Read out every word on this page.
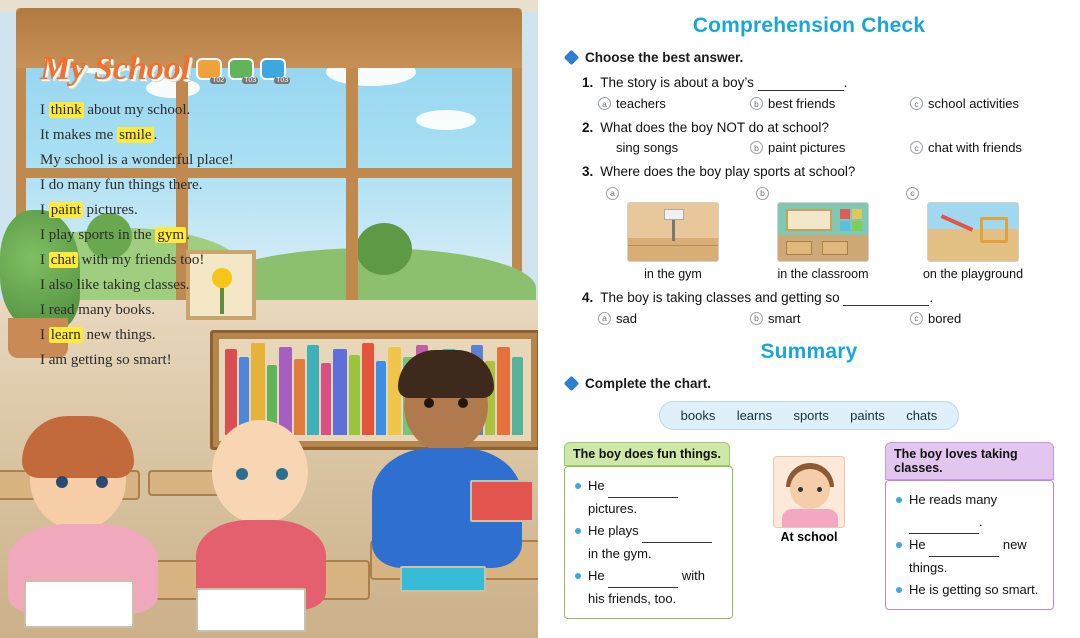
My School	T02	T03	T03
I think about my school.
It makes me smile .
My school is a wonderful place!
I do many fun things there.
I paint pictures.
I play sports in the gym .
I chat with my friends too!
I also like taking classes.
I read many books.
I learn new things.
I am getting so smart!
Comprehension Check
Choose the best answer.
1. The story is about a boy’s	.
a teachers	b best friends	c school activities
2. What does the boy NOT do at school?
sing songs	b paint pictures	c chat with friends
3. Where does the boy play sports at school?
a
in the gym
b
in the classroom
c
on the playground
4. The boy is taking classes and getting so	.
a sad	b smart	c bored
Summary
Complete the chart.
books learns sports paints chats
The boy does fun things.
He   pictures.
He plays   in the gym.
He	with his friends, too.
The boy loves taking classes.
He reads many  .
He	new things.
He is getting so smart.
At school
